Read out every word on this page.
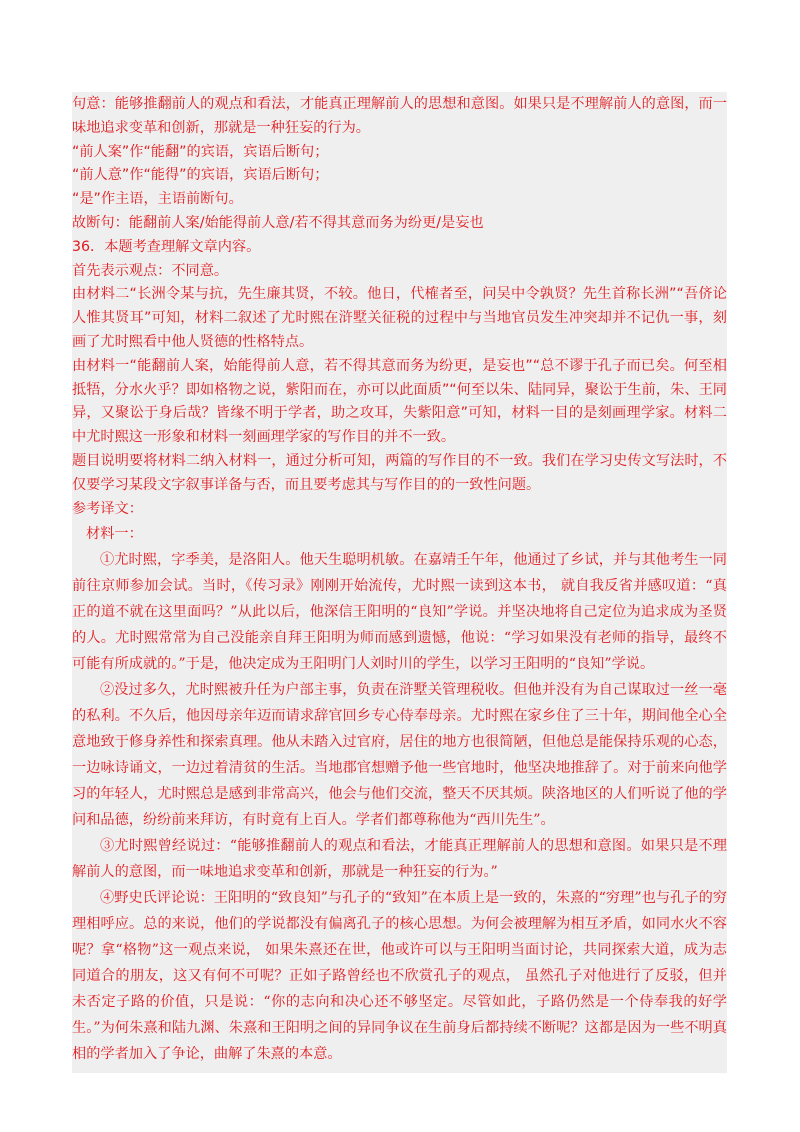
句意：能够推翻前人的观点和看法，才能真正理解前人的思想和意图。如果只是不理解前人的意图，而一味地追求变革和创新，那就是一种狂妄的行为。

“前人案”作“能翻”的宾语，宾语后断句；

“前人意”作“能得”的宾语，宾语后断句；

“是”作主语，主语前断句。

故断句：能翻前人案/始能得前人意/若不得其意而务为纷更/是妄也

36．本题考查理解文章内容。

首先表示观点：不同意。

由材料二“长洲令某与抗，先生廉其贤，不较。他日，代榷者至，问吴中令孰贤？先生首称长洲”“吾侪论人惟其贤耳”可知，材料二叙述了尤时熙在浒墅关征税的过程中与当地官员发生冲突却并不记仇一事，刻画了尤时熙看中他人贤德的性格特点。

由材料一“能翻前人案，始能得前人意，若不得其意而务为纷更，是妄也”“总不谬于孔子而已矣。何至相抵牾，分水火乎？即如格物之说，紫阳而在，亦可以此面质”“何至以朱、陆同异，聚讼于生前，朱、王同异，又聚讼于身后哉？皆缘不明于学者，助之攻耳，失紫阳意”可知，材料一目的是刻画理学家。材料二中尤时熙这一形象和材料一刻画理学家的写作目的并不一致。

题目说明要将材料二纳入材料一，通过分析可知，两篇的写作目的不一致。我们在学习史传文写法时，不仅要学习某段文字叙事详备与否，而且要考虑其与写作目的的一致性问题。

参考译文：

材料一：

①尤时熙，字季美，是洛阳人。他天生聪明机敏。在嘉靖壬午年，他通过了乡试，并与其他考生一同前往京师参加会试。当时，《传习录》刚刚开始流传，尤时熙一读到这本书， 就自我反省并感叹道：“真正的道不就在这里面吗？”从此以后，他深信王阳明的“良知”学说。并坚决地将自己定位为追求成为圣贤的人。尤时熙常常为自己没能亲自拜王阳明为师而感到遗憾，他说：“学习如果没有老师的指导，最终不可能有所成就的。”于是，他决定成为王阳明门人刘时川的学生，以学习王阳明的“良知”学说。

②没过多久，尤时熙被升任为户部主事，负责在浒墅关管理税收。但他并没有为自己谋取过一丝一毫的私利。不久后，他因母亲年迈而请求辞官回乡专心侍奉母亲。尤时熙在家乡住了三十年，期间他全心全意地致于修身养性和探索真理。他从未踏入过官府，居住的地方也很简陋，但他总是能保持乐观的心态，一边咏诗诵文，一边过着清贫的生活。当地郡官想赠予他一些官地时，他坚决地推辞了。对于前来向他学习的年轻人，尤时熙总是感到非常高兴，他会与他们交流，整天不厌其烦。陕洛地区的人们听说了他的学问和品德，纷纷前来拜访，有时竟有上百人。学者们都尊称他为“西川先生”。

③尤时熙曾经说过：“能够推翻前人的观点和看法，才能真正理解前人的思想和意图。如果只是不理解前人的意图，而一味地追求变革和创新，那就是一种狂妄的行为。”

④野史氏评论说：王阳明的“致良知”与孔子的“致知”在本质上是一致的，朱熹的“穷理”也与孔子的穷理相呼应。总的来说，他们的学说都没有偏离孔子的核心思想。为何会被理解为相互矛盾，如同水火不容呢？拿“格物”这一观点来说， 如果朱熹还在世，他或许可以与王阳明当面讨论，共同探索大道，成为志同道合的朋友，这又有何不可呢？正如子路曾经也不欣赏孔子的观点， 虽然孔子对他进行了反驳，但并未否定子路的价值，只是说：“你的志向和决心还不够坚定。尽管如此，子路仍然是一个侍奉我的好学生。”为何朱熹和陆九渊、朱熹和王阳明之间的异同争议在生前身后都持续不断呢？这都是因为一些不明真相的学者加入了争论，曲解了朱熹的本意。
